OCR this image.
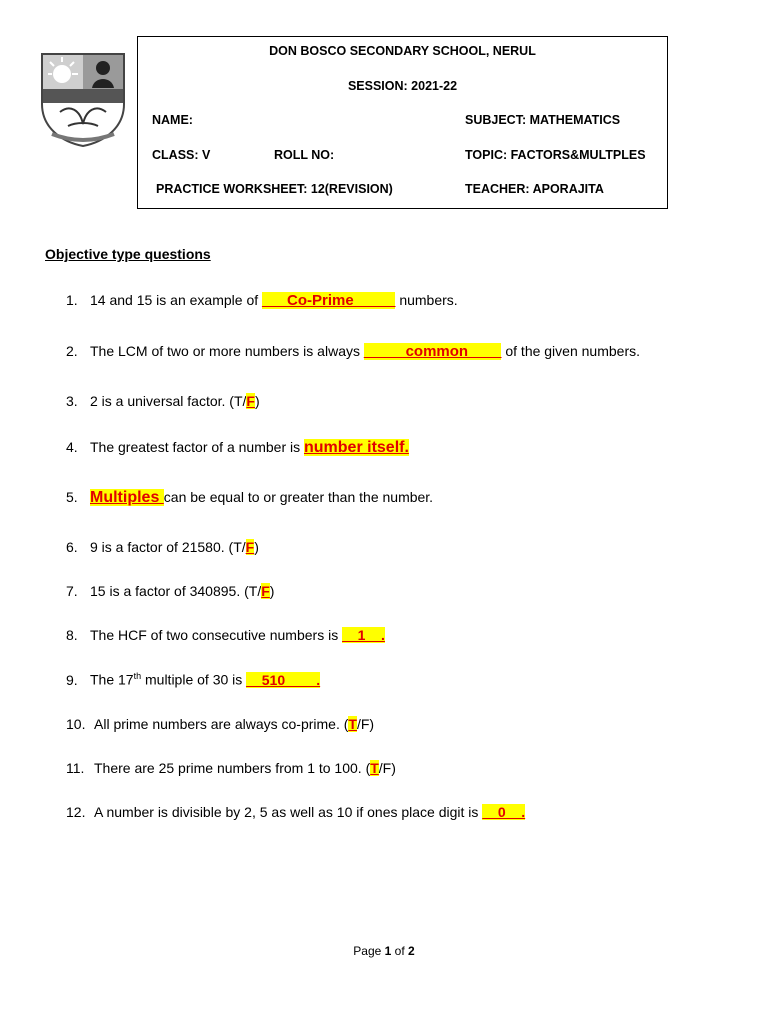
DON BOSCO SECONDARY SCHOOL, NERUL
SESSION: 2021-22
NAME:	SUBJECT: MATHEMATICS
CLASS: V	ROLL NO:	TOPIC: FACTORS&MULTPLES
PRACTICE WORKSHEET: 12(REVISION)	TEACHER: APORAJITA
Objective type questions
1. 14 and 15 is an example of ___Co-Prime_____ numbers.
2. The LCM of two or more numbers is always _____common____ of the given numbers.
3. 2 is a universal factor. (T/F)
4. The greatest factor of a number is number itself.
5. Multiples can be equal to or greater than the number.
6. 9 is a factor of 21580. (T/F)
7. 15 is a factor of 340895. (T/F)
8. The HCF of two consecutive numbers is __1__.
9. The 17th multiple of 30 is __510____.
10. All prime numbers are always co-prime. (T/F)
11. There are 25 prime numbers from 1 to 100. (T/F)
12. A number is divisible by 2, 5 as well as 10 if ones place digit is __0__.
Page 1 of 2
